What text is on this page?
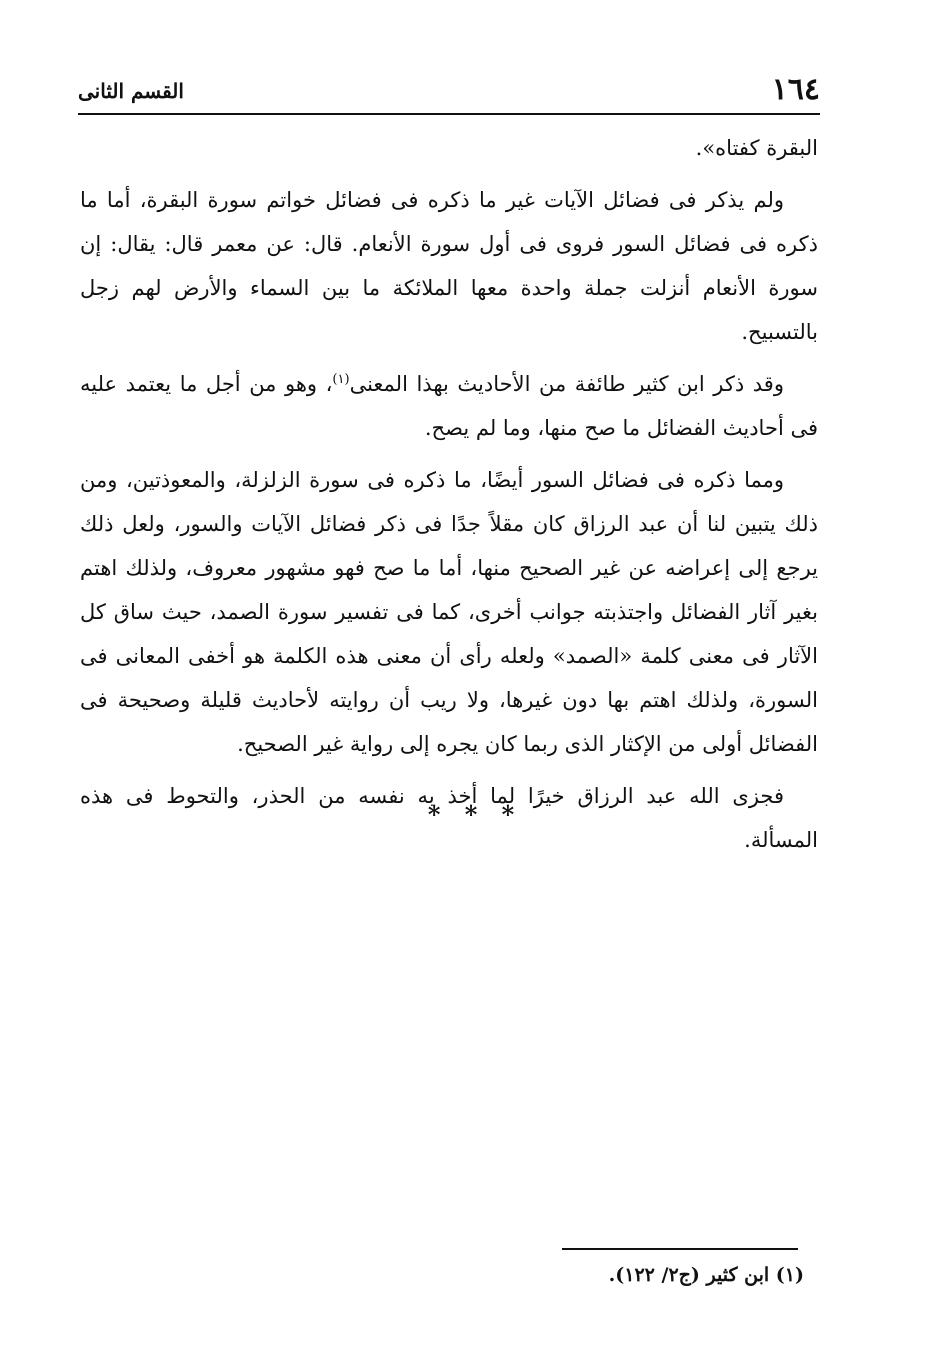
١٦٤
القسم الثانى

البقرة كفتاه».

ولم يذكر فى فضائل الآيات غير ما ذكره فى فضائل خواتم سورة البقرة، أما ما ذكره فى فضائل السور فروى فى أول سورة الأنعام. قال: عن معمر قال: يقال: إن سورة الأنعام أنزلت جملة واحدة معها الملائكة ما بين السماء والأرض لهم زجل بالتسبيح.

وقد ذكر ابن كثير طائفة من الأحاديث بهذا المعنى$^{(١)}$، وهو من أجل ما يعتمد عليه فى أحاديث الفضائل ما صح منها، وما لم يصح.

ومما ذكره فى فضائل السور أيضًا، ما ذكره فى سورة الزلزلة، والمعوذتين، ومن ذلك يتبين لنا أن عبد الرزاق كان مقلاً جدًا فى ذكر فضائل الآيات والسور، ولعل ذلك يرجع إلى إعراضه عن غير الصحيح منها، أما ما صح فهو مشهور معروف، ولذلك اهتم بغير آثار الفضائل واجتذبته جوانب أخرى، كما فى تفسير سورة الصمد، حيث ساق كل الآثار فى معنى كلمة «الصمد» ولعله رأى أن معنى هذه الكلمة هو أخفى المعانى فى السورة، ولذلك اهتم بها دون غيرها، ولا ريب أن روايته لأحاديث قليلة وصحيحة فى الفضائل أولى من الإكثار الذى ربما كان يجره إلى رواية غير الصحيح.

فجزى الله عبد الرزاق خيرًا لما أخذ به نفسه من الحذر، والتحوط فى هذه المسألة.

* * *
(١) ابن كثير (ج٢/ ١٢٢).
